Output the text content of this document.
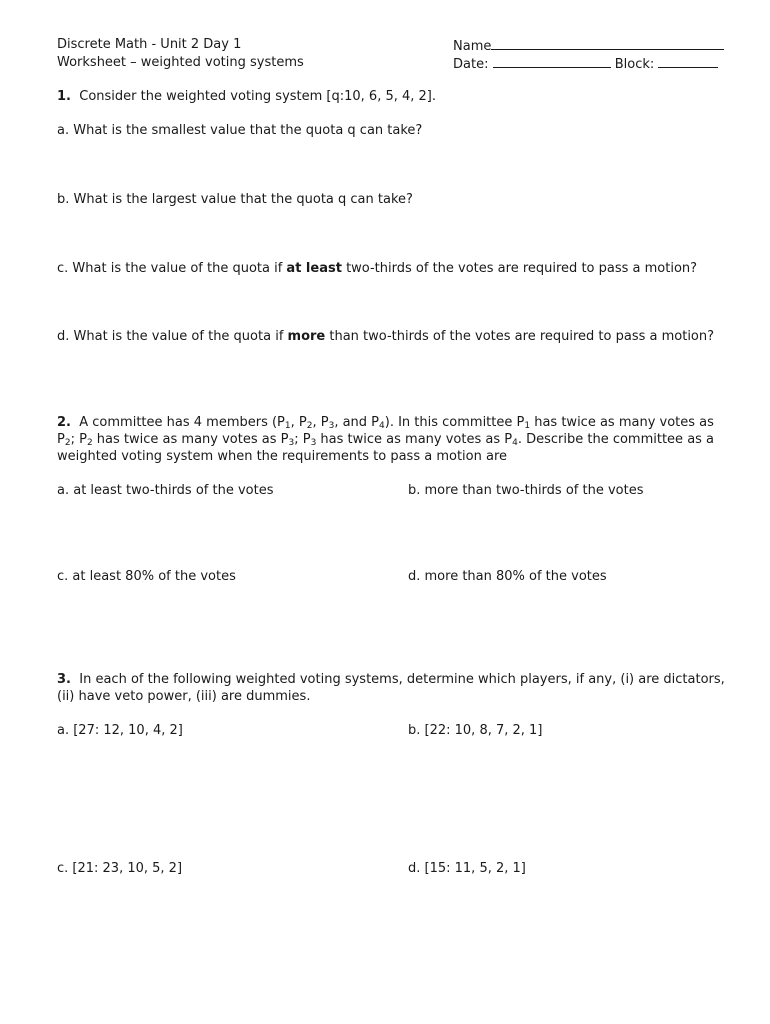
Discrete Math - Unit 2 Day 1
Worksheet – weighted voting systems
Name
Date:	Block:
1. Consider the weighted voting system [q:10, 6, 5, 4, 2].
a. What is the smallest value that the quota q can take?
b. What is the largest value that the quota q can take?
c. What is the value of the quota if at least two-thirds of the votes are required to pass a motion?
d. What is the value of the quota if more than two-thirds of the votes are required to pass a motion?
2. A committee has 4 members ($P_1$, $P_2$, $P_3$, and $P_4$). In this committee $P_1$ has twice as many votes as $P_2$; $P_2$ has twice as many votes as $P_3$; $P_3$ has twice as many votes as $P_4$. Describe the committee as a weighted voting system when the requirements to pass a motion are
a. at least two-thirds of the votes	b. more than two-thirds of the votes
c. at least 80% of the votes	d. more than 80% of the votes
3. In each of the following weighted voting systems, determine which players, if any, (i) are dictators, (ii) have veto power, (iii) are dummies.
a. [27: 12, 10, 4, 2]	b. [22: 10, 8, 7, 2, 1]
c. [21: 23, 10, 5, 2]	d. [15: 11, 5, 2, 1]
